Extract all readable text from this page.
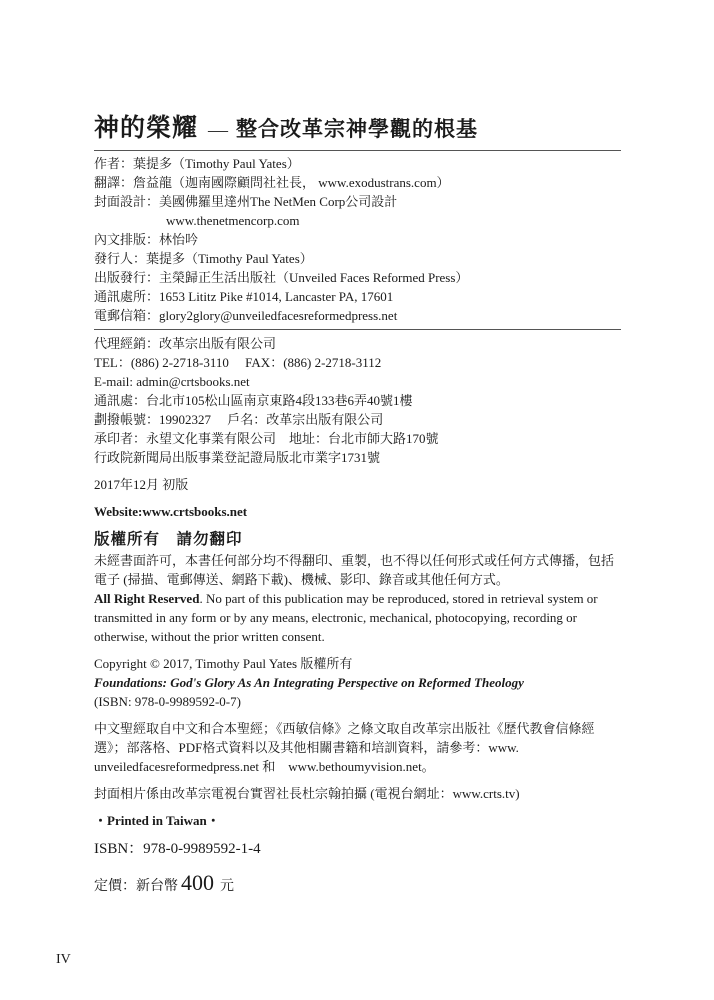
神的榮耀 — 整合改革宗神學觀的根基
作者：葉提多（Timothy Paul Yates）
翻譯：詹益龍（迦南國際顧問社社長， www.exodustrans.com）
封面設計：美國佛羅里達州The NetMen Corp公司設計
www.thenetmencorp.com
內文排版：林怡吟
發行人：葉提多（Timothy Paul Yates）
出版發行：主榮歸正生活出版社（Unveiled Faces Reformed Press）
通訊處所：1653 Lititz Pike #1014, Lancaster PA, 17601
電郵信箱：glory2glory@unveiledfacesreformedpress.net
代理經銷：改革宗出版有限公司
TEL：(886) 2-2718-3110　 FAX：(886) 2-2718-3112
E-mail: admin@crtsbooks.net
通訊處：台北市105松山區南京東路4段133巷6弄40號1樓
劃撥帳號：19902327　 戶名：改革宗出版有限公司
承印者：永望文化事業有限公司　地址：台北市師大路170號
行政院新聞局出版事業登記證局版北市業字1731號
2017年12月 初版
Website:www.crtsbooks.net
版權所有　請勿翻印
未經書面許可，本書任何部分均不得翻印、重製，也不得以任何形式或任何方式傳播，包括電子 (掃描、電郵傳送、網路下載)、機械、影印、錄音或其他任何方式。
All Right Reserved. No part of this publication may be reproduced, stored in retrieval system or transmitted in any form or by any means, electronic, mechanical, photocopying, recording or otherwise, without the prior written consent.
Copyright © 2017, Timothy Paul Yates 版權所有
Foundations: God's Glory As An Integrating Perspective on Reformed Theology
(ISBN: 978-0-9989592-0-7)
中文聖經取自中文和合本聖經；《西敏信條》之條文取自改革宗出版社《歷代教會信條經選》；部落格、PDF格式資料以及其他相關書籍和培訓資料，請參考：www. unveiledfacesreformedpress.net 和　www.bethoumyvision.net。
封面相片係由改革宗電視台實習社長杜宗翰拍攝 (電視台網址：www.crts.tv)
・Printed in Taiwan・
ISBN：978-0-9989592-1-4
定價：新台幣 400 元
IV
